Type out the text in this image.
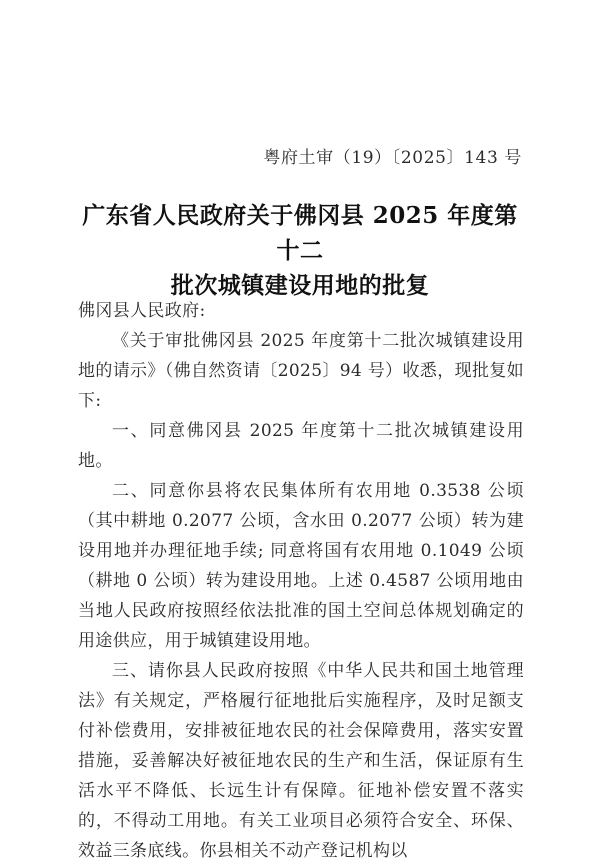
粤府土审（19）〔2025〕143 号
广东省人民政府关于佛冈县 2025 年度第十二
批次城镇建设用地的批复

佛冈县人民政府:

《关于审批佛冈县 2025 年度第十二批次城镇建设用地的请示》（佛自然资请〔2025〕94 号）收悉，现批复如下:

一、同意佛冈县 2025 年度第十二批次城镇建设用地。

二、同意你县将农民集体所有农用地 0.3538 公顷（其中耕地 0.2077 公顷，含水田 0.2077 公顷）转为建设用地并办理征地手续; 同意将国有农用地 0.1049 公顷（耕地 0 公顷）转为建设用地。上述 0.4587 公顷用地由当地人民政府按照经依法批准的国土空间总体规划确定的用途供应，用于城镇建设用地。

三、请你县人民政府按照《中华人民共和国土地管理法》有关规定，严格履行征地批后实施程序，及时足额支付补偿费用，安排被征地农民的社会保障费用，落实安置措施，妥善解决好被征地农民的生产和生活，保证原有生活水平不降低、长远生计有保障。征地补偿安置不落实的，不得动工用地。有关工业项目必须符合安全、环保、效益三条底线。你县相关不动产登记机构以
